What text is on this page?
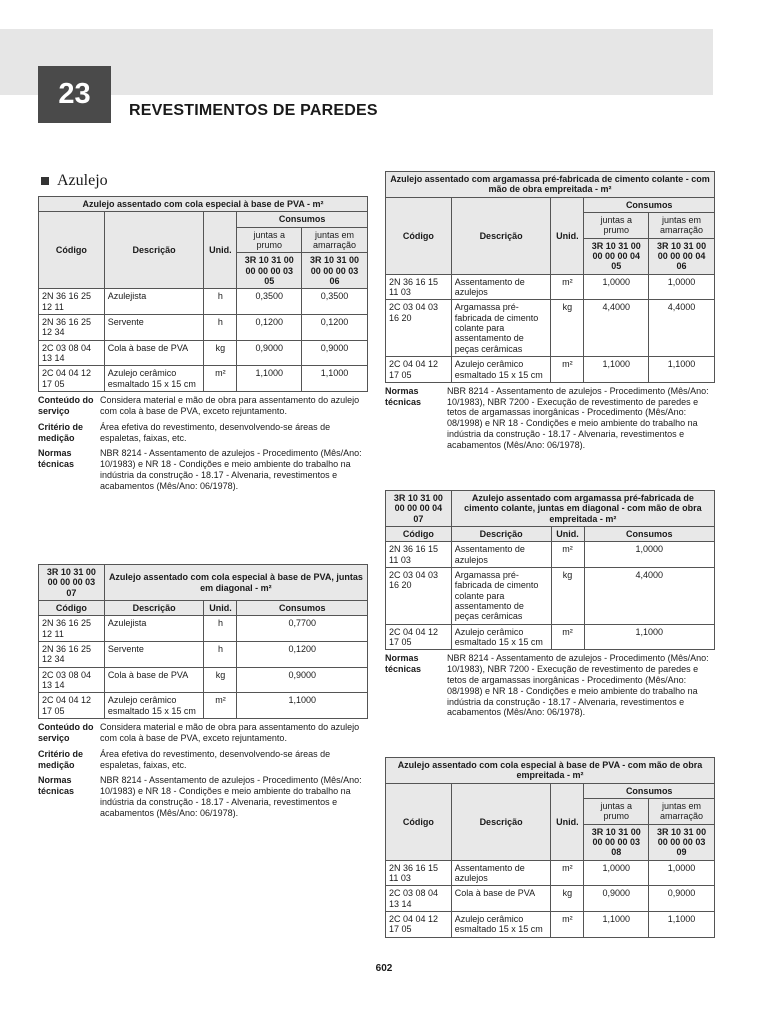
23
REVESTIMENTOS DE PAREDES
Azulejo
Azulejo assentado com cola especial à base de PVA - m²				
Código	Descrição	Unid.	Consumos	
			juntas a prumo	juntas em amarração
			3R 10 31 00 00 00 00 03 05	3R 10 31 00 00 00 00 03 06
2N 36 16 25 12 11	Azulejista	h	0,3500	0,3500
2N 36 16 25 12 34	Servente	h	0,1200	0,1200
2C 03 08 04 13 14	Cola à base de PVA	kg	0,9000	0,9000
2C 04 04 12 17 05	Azulejo cerâmico esmaltado 15 x 15 cm	m²	1,1000	1,1000
Conteúdo do serviço
Considera material e mão de obra para assentamento do azulejo com cola à base de PVA, exceto rejuntamento.
Critério de medição
Área efetiva do revestimento, desenvolvendo-se áreas de espaletas, faixas, etc.
Normas técnicas
NBR 8214 - Assentamento de azulejos - Procedimento (Mês/Ano: 10/1983) e NR 18 - Condições e meio ambiente do trabalho na indústria da construção - 18.17 - Alvenaria, revestimentos e acabamentos (Mês/Ano: 06/1978).
3R 10 31 00 00 00 00 03 07	Azulejo assentado com cola especial à base de PVA, juntas em diagonal - m²		
Código	Descrição	Unid.	Consumos
2N 36 16 25 12 11	Azulejista	h	0,7700
2N 36 16 25 12 34	Servente	h	0,1200
2C 03 08 04 13 14	Cola à base de PVA	kg	0,9000
2C 04 04 12 17 05	Azulejo cerâmico esmaltado 15 x 15 cm	m²	1,1000
Conteúdo do serviço
Considera material e mão de obra para assentamento do azulejo com cola à base de PVA, exceto rejuntamento.
Critério de medição
Área efetiva do revestimento, desenvolvendo-se áreas de espaletas, faixas, etc.
Normas técnicas
NBR 8214 - Assentamento de azulejos - Procedimento (Mês/Ano: 10/1983) e NR 18 - Condições e meio ambiente do trabalho na indústria da construção - 18.17 - Alvenaria, revestimentos e acabamentos (Mês/Ano: 06/1978).
Azulejo assentado com argamassa pré-fabricada de cimento colante - com mão de obra empreitada - m²				
Código	Descrição	Unid.	Consumos	
			juntas a prumo	juntas em amarração
			3R 10 31 00 00 00 00 04 05	3R 10 31 00 00 00 00 04 06
2N 36 16 15 11 03	Assentamento de azulejos	m²	1,0000	1,0000
2C 03 04 03 16 20	Argamassa pré-fabricada de cimento colante para assentamento de peças cerâmicas	kg	4,4000	4,4000
2C 04 04 12 17 05	Azulejo cerâmico esmaltado 15 x 15 cm	m²	1,1000	1,1000
Normas técnicas
NBR 8214 - Assentamento de azulejos - Procedimento (Mês/Ano: 10/1983), NBR 7200 - Execução de revestimento de paredes e tetos de argamassas inorgânicas - Procedimento (Mês/Ano: 08/1998) e NR 18 - Condições e meio ambiente do trabalho na indústria da construção - 18.17 - Alvenaria, revestimentos e acabamentos (Mês/Ano: 06/1978).
3R 10 31 00 00 00 00 04 07	Azulejo assentado com argamassa pré-fabricada de cimento colante, juntas em diagonal - com mão de obra empreitada - m²		
Código	Descrição	Unid.	Consumos
2N 36 16 15 11 03	Assentamento de azulejos	m²	1,0000
2C 03 04 03 16 20	Argamassa pré-fabricada de cimento colante para assentamento de peças cerâmicas	kg	4,4000
2C 04 04 12 17 05	Azulejo cerâmico esmaltado 15 x 15 cm	m²	1,1000
Normas técnicas
NBR 8214 - Assentamento de azulejos - Procedimento (Mês/Ano: 10/1983), NBR 7200 - Execução de revestimento de paredes e tetos de argamassas inorgânicas - Procedimento (Mês/Ano: 08/1998) e NR 18 - Condições e meio ambiente do trabalho na indústria da construção - 18.17 - Alvenaria, revestimentos e acabamentos (Mês/Ano: 06/1978).
Azulejo assentado com cola especial à base de PVA - com mão de obra empreitada - m²				
Código	Descrição	Unid.	Consumos	
			juntas a prumo	juntas em amarração
			3R 10 31 00 00 00 00 03 08	3R 10 31 00 00 00 00 03 09
2N 36 16 15 11 03	Assentamento de azulejos	m²	1,0000	1,0000
2C 03 08 04 13 14	Cola à base de PVA	kg	0,9000	0,9000
2C 04 04 12 17 05	Azulejo cerâmico esmaltado 15 x 15 cm	m²	1,1000	1,1000
602
